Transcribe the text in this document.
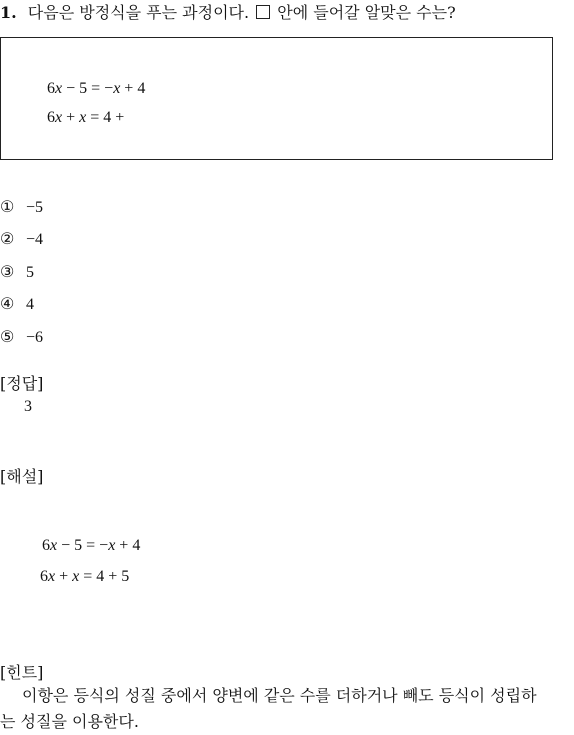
1. 다음은 방정식을 푸는 과정이다. 안에 들어갈 알맞은 수는?
6x − 5 = −x + 4
6x + x = 4 +
① −5
② −4
③ 5
④ 4
⑤ −6
[정답]
3
[해설]
6x − 5 = −x + 4
6x + x = 4 + 5
[힌트]
이항은 등식의 성질 중에서 양변에 같은 수를 더하거나 빼도 등식이 성립하
는 성질을 이용한다.
